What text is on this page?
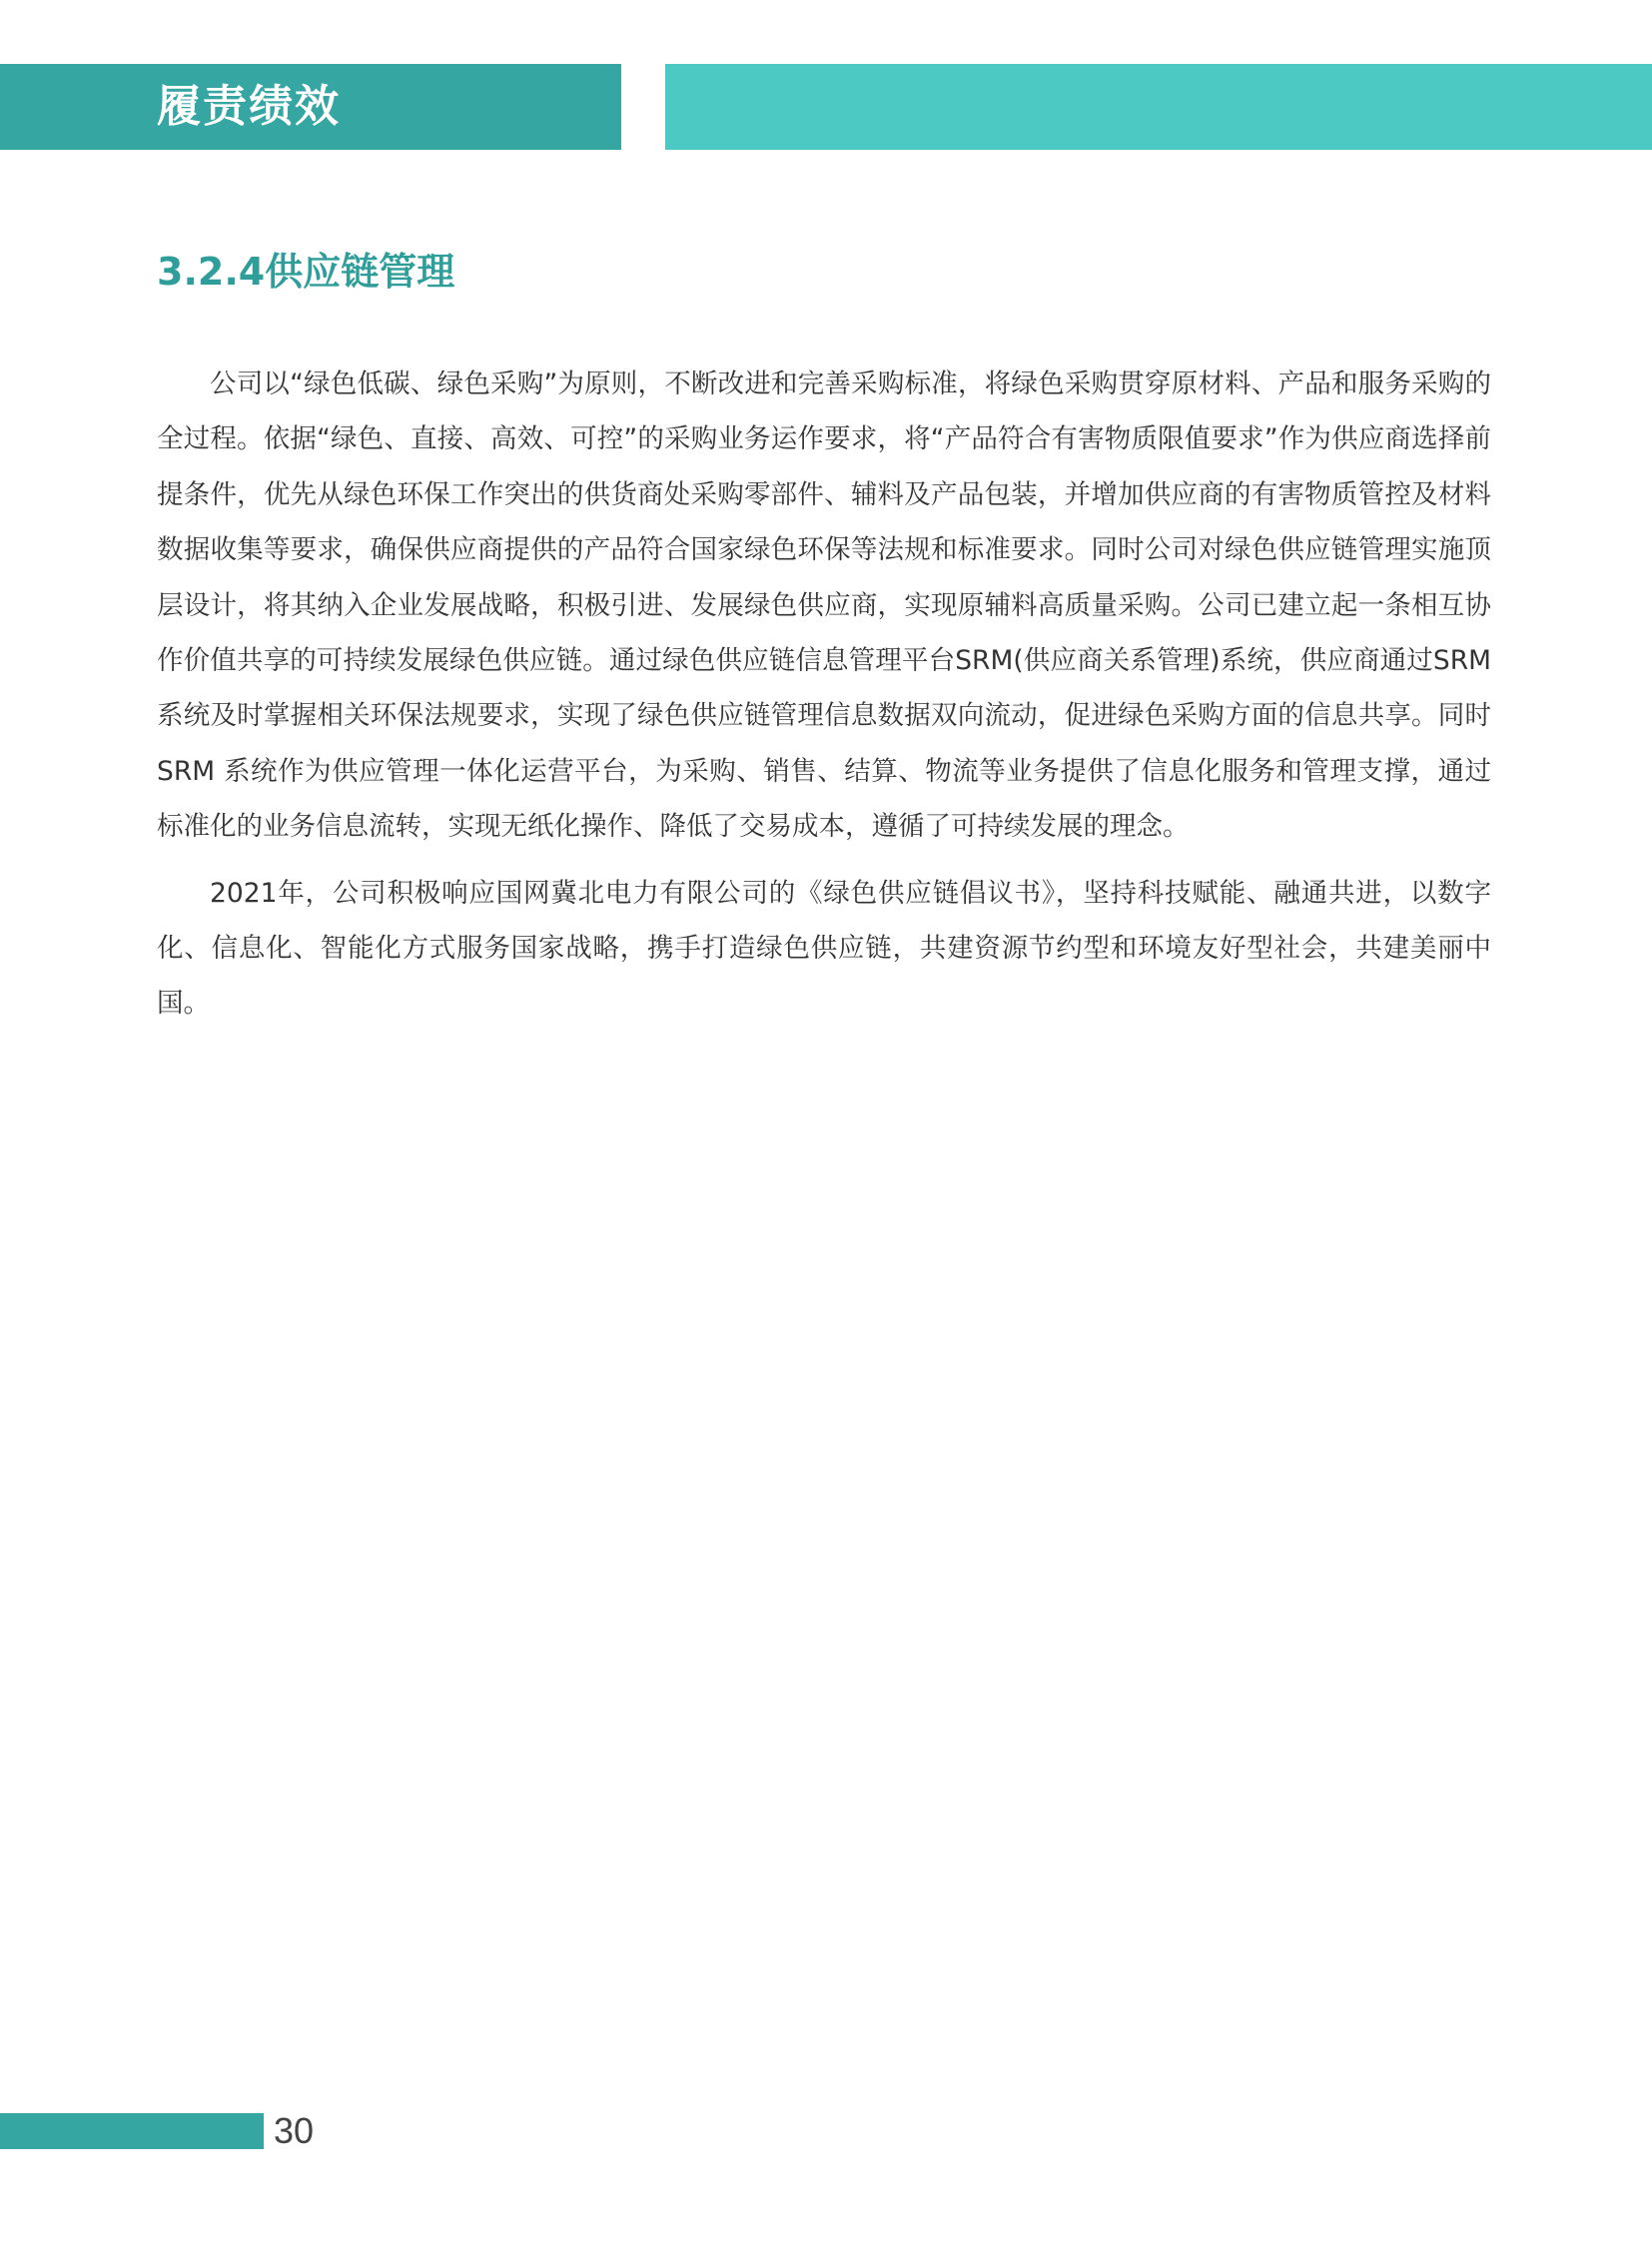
履责绩效
3.2.4供应链管理

公司以“绿色低碳、绿色采购”为原则，不断改进和完善采购标准，将绿色采购贯穿原材料、产品和服务采购的全过程。依据“绿色、直接、高效、可控”的采购业务运作要求，将“产品符合有害物质限值要求”作为供应商选择前提条件，优先从绿色环保工作突出的供货商处采购零部件、辅料及产品包装，并增加供应商的有害物质管控及材料数据收集等要求，确保供应商提供的产品符合国家绿色环保等法规和标准要求。同时公司对绿色供应链管理实施顶层设计，将其纳入企业发展战略，积极引进、发展绿色供应商，实现原辅料高质量采购。公司已建立起一条相互协作价值共享的可持续发展绿色供应链。通过绿色供应链信息管理平台SRM(供应商关系管理)系统，供应商通过SRM 系统及时掌握相关环保法规要求，实现了绿色供应链管理信息数据双向流动，促进绿色采购方面的信息共享。同时SRM 系统作为供应管理一体化运营平台，为采购、销售、结算、物流等业务提供了信息化服务和管理支撑，通过标准化的业务信息流转，实现无纸化操作、降低了交易成本，遵循了可持续发展的理念。

2021年，公司积极响应国网冀北电力有限公司的《绿色供应链倡议书》，坚持科技赋能、融通共进，以数字化、信息化、智能化方式服务国家战略，携手打造绿色供应链，共建资源节约型和环境友好型社会，共建美丽中国。

30
